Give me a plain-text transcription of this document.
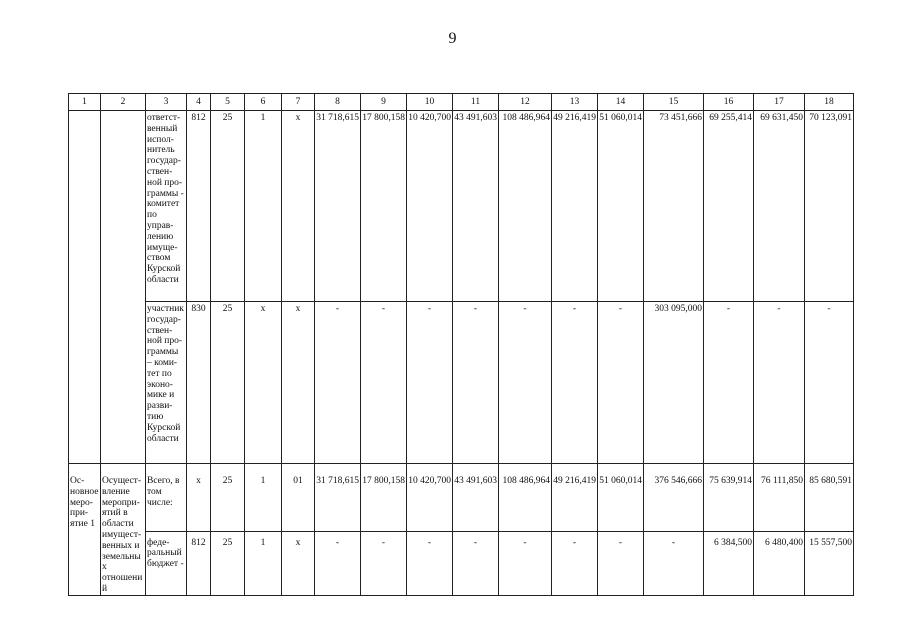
9
1	2	3	4	5	6	7	8	9	10	11	12	13	14	15	16	17	18
		ответст-венный испол-нитель государ-ствен-ной про-граммы - комитет по управ-лению имуще-ством Курской области	812	25	1	х	31 718,615	17 800,158	10 420,700	43 491,603	108 486,964	49 216,419	51 060,014	73 451,666	69 255,414	69 631,450	70 123,091
		участник государ-ствен-ной про-граммы – коми-тет по эконо-мике и разви-тию Курской области	830	25	х	х	-	-	-	-	-	-	-	303 095,000	-	-	-
Ос-новное меро-при-ятие 1	Осущест-вление меропри-ятий в области имущест-венных и земельных отношений	Всего, в том числе:	х	25	1	01	31 718,615	17 800,158	10 420,700	43 491,603	108 486,964	49 216,419	51 060,014	376 546,666	75 639,914	76 111,850	85 680,591
		феде-ральный бюджет -	812	25	1	х	-	-	-	-	-	-	-	-	6 384,500	6 480,400	15 557,500
